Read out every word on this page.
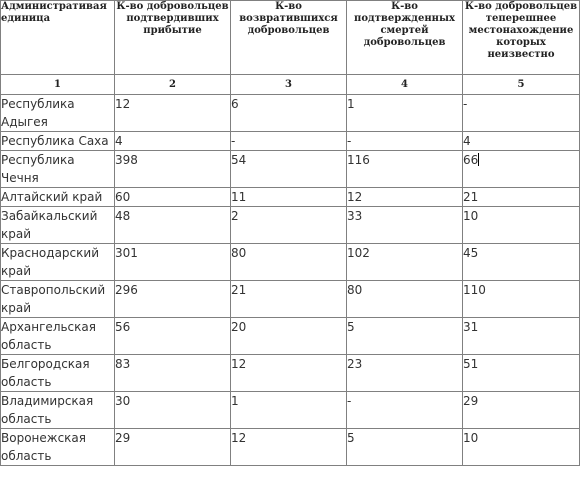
Административая единица	К-во добровольцев подтвердивших прибытие	К-во возвратившихся добровольцев	К-во подтвержденных смертей добровольцев	К-во добровольцев теперешнее местонахождение которых неизвестно
1	2	3	4	5
Республика Адыгея	12	6	1	-
Республика Саха	4	-	-	4
Республика Чечня	398	54	116	66
Алтайский край	60	11	12	21
Забайкальский край	48	2	33	10
Краснодарский край	301	80	102	45
Ставропольский край	296	21	80	110
Архангельская область	56	20	5	31
Белгородская область	83	12	23	51
Владимирская область	30	1	-	29
Воронежская область	29	12	5	10
